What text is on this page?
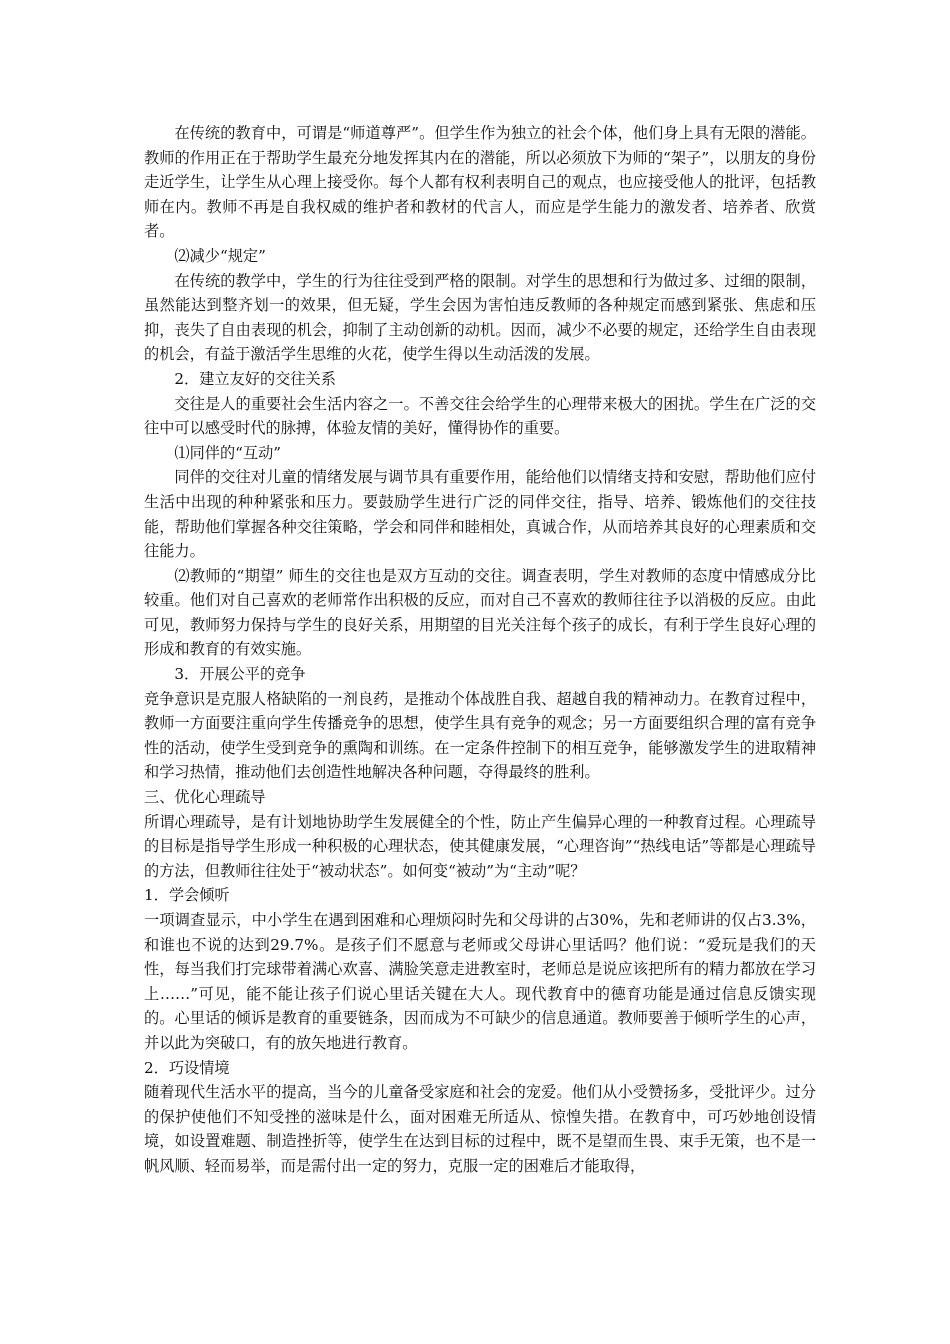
在传统的教育中，可谓是“师道尊严”。但学生作为独立的社会个体，他们身上具有无限的潜能。教师的作用正在于帮助学生最充分地发挥其内在的潜能，所以必须放下为师的“架子”，以朋友的身份走近学生，让学生从心理上接受你。每个人都有权利表明自己的观点，也应接受他人的批评，包括教师在内。教师不再是自我权威的维护者和教材的代言人，而应是学生能力的激发者、培养者、欣赏者。

⑵减少“规定”

在传统的教学中，学生的行为往往受到严格的限制。对学生的思想和行为做过多、过细的限制，虽然能达到整齐划一的效果，但无疑，学生会因为害怕违反教师的各种规定而感到紧张、焦虑和压抑，丧失了自由表现的机会，抑制了主动创新的动机。因而，减少不必要的规定，还给学生自由表现的机会，有益于激活学生思维的火花，使学生得以生动活泼的发展。

2．建立友好的交往关系

交往是人的重要社会生活内容之一。不善交往会给学生的心理带来极大的困扰。学生在广泛的交往中可以感受时代的脉搏，体验友情的美好，懂得协作的重要。

⑴同伴的“互动”

同伴的交往对儿童的情绪发展与调节具有重要作用，能给他们以情绪支持和安慰，帮助他们应付生活中出现的种种紧张和压力。要鼓励学生进行广泛的同伴交往，指导、培养、锻炼他们的交往技能，帮助他们掌握各种交往策略，学会和同伴和睦相处，真诚合作，从而培养其良好的心理素质和交往能力。

⑵教师的“期望” 师生的交往也是双方互动的交往。调查表明，学生对教师的态度中情感成分比较重。他们对自己喜欢的老师常作出积极的反应，而对自己不喜欢的教师往往予以消极的反应。由此可见，教师努力保持与学生的良好关系，用期望的目光关注每个孩子的成长，有利于学生良好心理的形成和教育的有效实施。

3．开展公平的竞争

竞争意识是克服人格缺陷的一剂良药，是推动个体战胜自我、超越自我的精神动力。在教育过程中，教师一方面要注重向学生传播竞争的思想，使学生具有竞争的观念；另一方面要组织合理的富有竞争性的活动，使学生受到竞争的熏陶和训练。在一定条件控制下的相互竞争，能够激发学生的进取精神和学习热情，推动他们去创造性地解决各种问题，夺得最终的胜利。

三、优化心理疏导

所谓心理疏导，是有计划地协助学生发展健全的个性，防止产生偏异心理的一种教育过程。心理疏导的目标是指导学生形成一种积极的心理状态，使其健康发展，“心理咨询”“热线电话”等都是心理疏导的方法，但教师往往处于“被动状态”。如何变“被动”为“主动”呢？

1．学会倾听

一项调查显示，中小学生在遇到困难和心理烦闷时先和父母讲的占30%，先和老师讲的仅占3.3%，和谁也不说的达到29.7%。是孩子们不愿意与老师或父母讲心里话吗？他们说：“爱玩是我们的天性，每当我们打完球带着满心欢喜、满脸笑意走进教室时，老师总是说应该把所有的精力都放在学习上……”可见，能不能让孩子们说心里话关键在大人。现代教育中的德育功能是通过信息反馈实现的。心里话的倾诉是教育的重要链条，因而成为不可缺少的信息通道。教师要善于倾听学生的心声，并以此为突破口，有的放矢地进行教育。

2．巧设情境

随着现代生活水平的提高，当今的儿童备受家庭和社会的宠爱。他们从小受赞扬多，受批评少。过分的保护使他们不知受挫的滋味是什么，面对困难无所适从、惊惶失措。在教育中，可巧妙地创设情境，如设置难题、制造挫折等，使学生在达到目标的过程中，既不是望而生畏、束手无策，也不是一帆风顺、轻而易举，而是需付出一定的努力，克服一定的困难后才能取得，
